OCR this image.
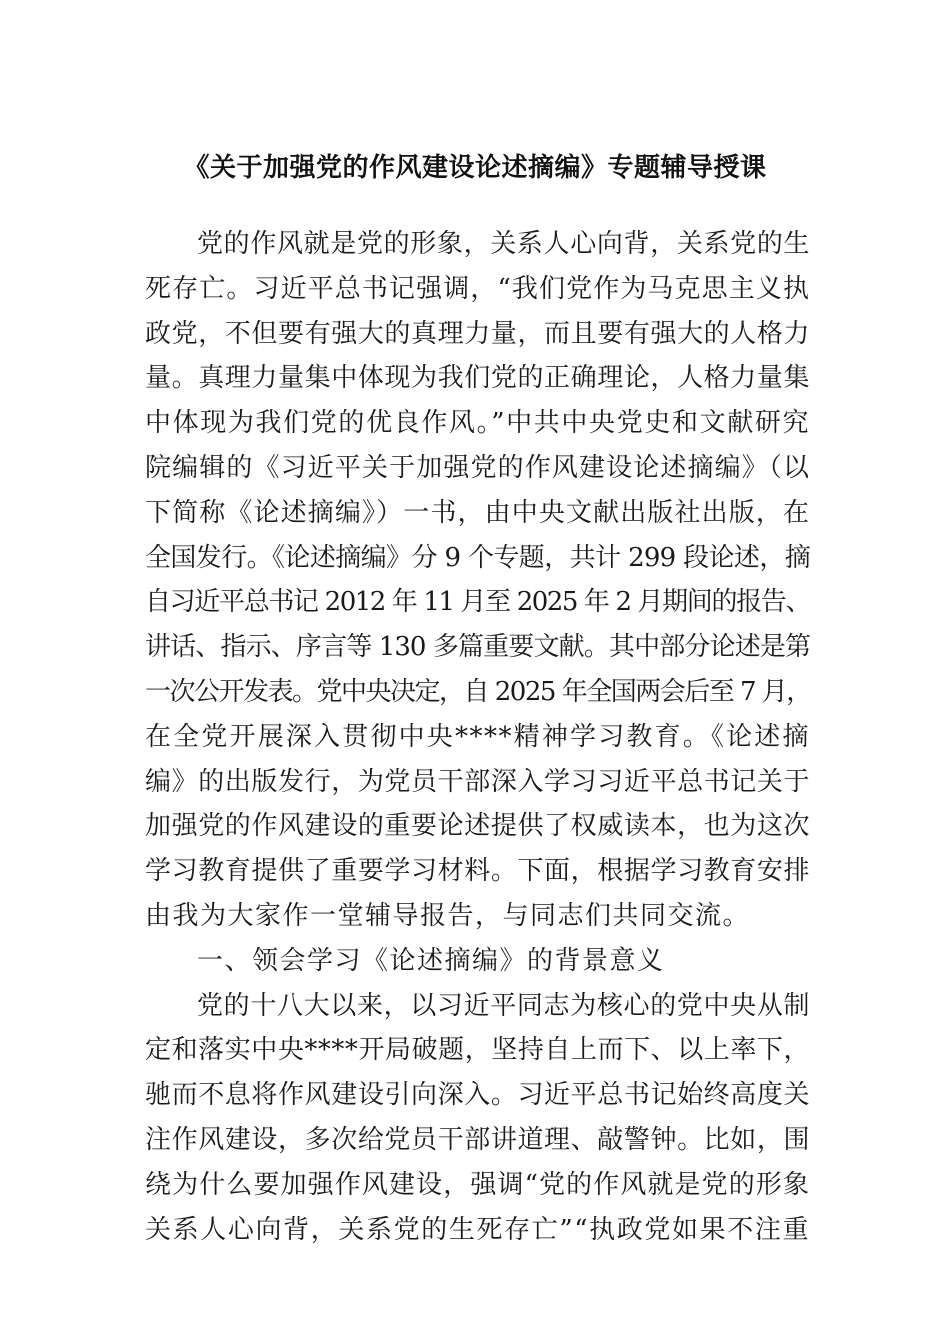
《关于加强党的作风建设论述摘编》专题辅导授课
党的作风就是党的形象，关系人心向背，关系党的生
死存亡。习近平总书记强调，“我们党作为马克思主义执
政党，不但要有强大的真理力量，而且要有强大的人格力
量。真理力量集中体现为我们党的正确理论，人格力量集
中体现为我们党的优良作风。”中共中央党史和文献研究
院编辑的《习近平关于加强党的作风建设论述摘编》（以
下简称《论述摘编》）一书，由中央文献出版社出版，在
全国发行。《论述摘编》分 9 个专题，共计 299 段论述，摘
自习近平总书记 2012 年 11 月至 2025 年 2 月期间的报告、
讲话、指示、序言等 130 多篇重要文献。其中部分论述是第
一次公开发表。党中央决定，自 2025 年全国两会后至 7 月，
在全党开展深入贯彻中央****精神学习教育。《论述摘
编》的出版发行，为党员干部深入学习习近平总书记关于
加强党的作风建设的重要论述提供了权威读本，也为这次
学习教育提供了重要学习材料。下面，根据学习教育安排
由我为大家作一堂辅导报告，与同志们共同交流。
一、领会学习《论述摘编》的背景意义
党的十八大以来，以习近平同志为核心的党中央从制
定和落实中央****开局破题，坚持自上而下、以上率下，
驰而不息将作风建设引向深入。习近平总书记始终高度关
注作风建设，多次给党员干部讲道理、敲警钟。比如，围
绕为什么要加强作风建设，强调“党的作风就是党的形象
关系人心向背，关系党的生死存亡”“执政党如果不注重
